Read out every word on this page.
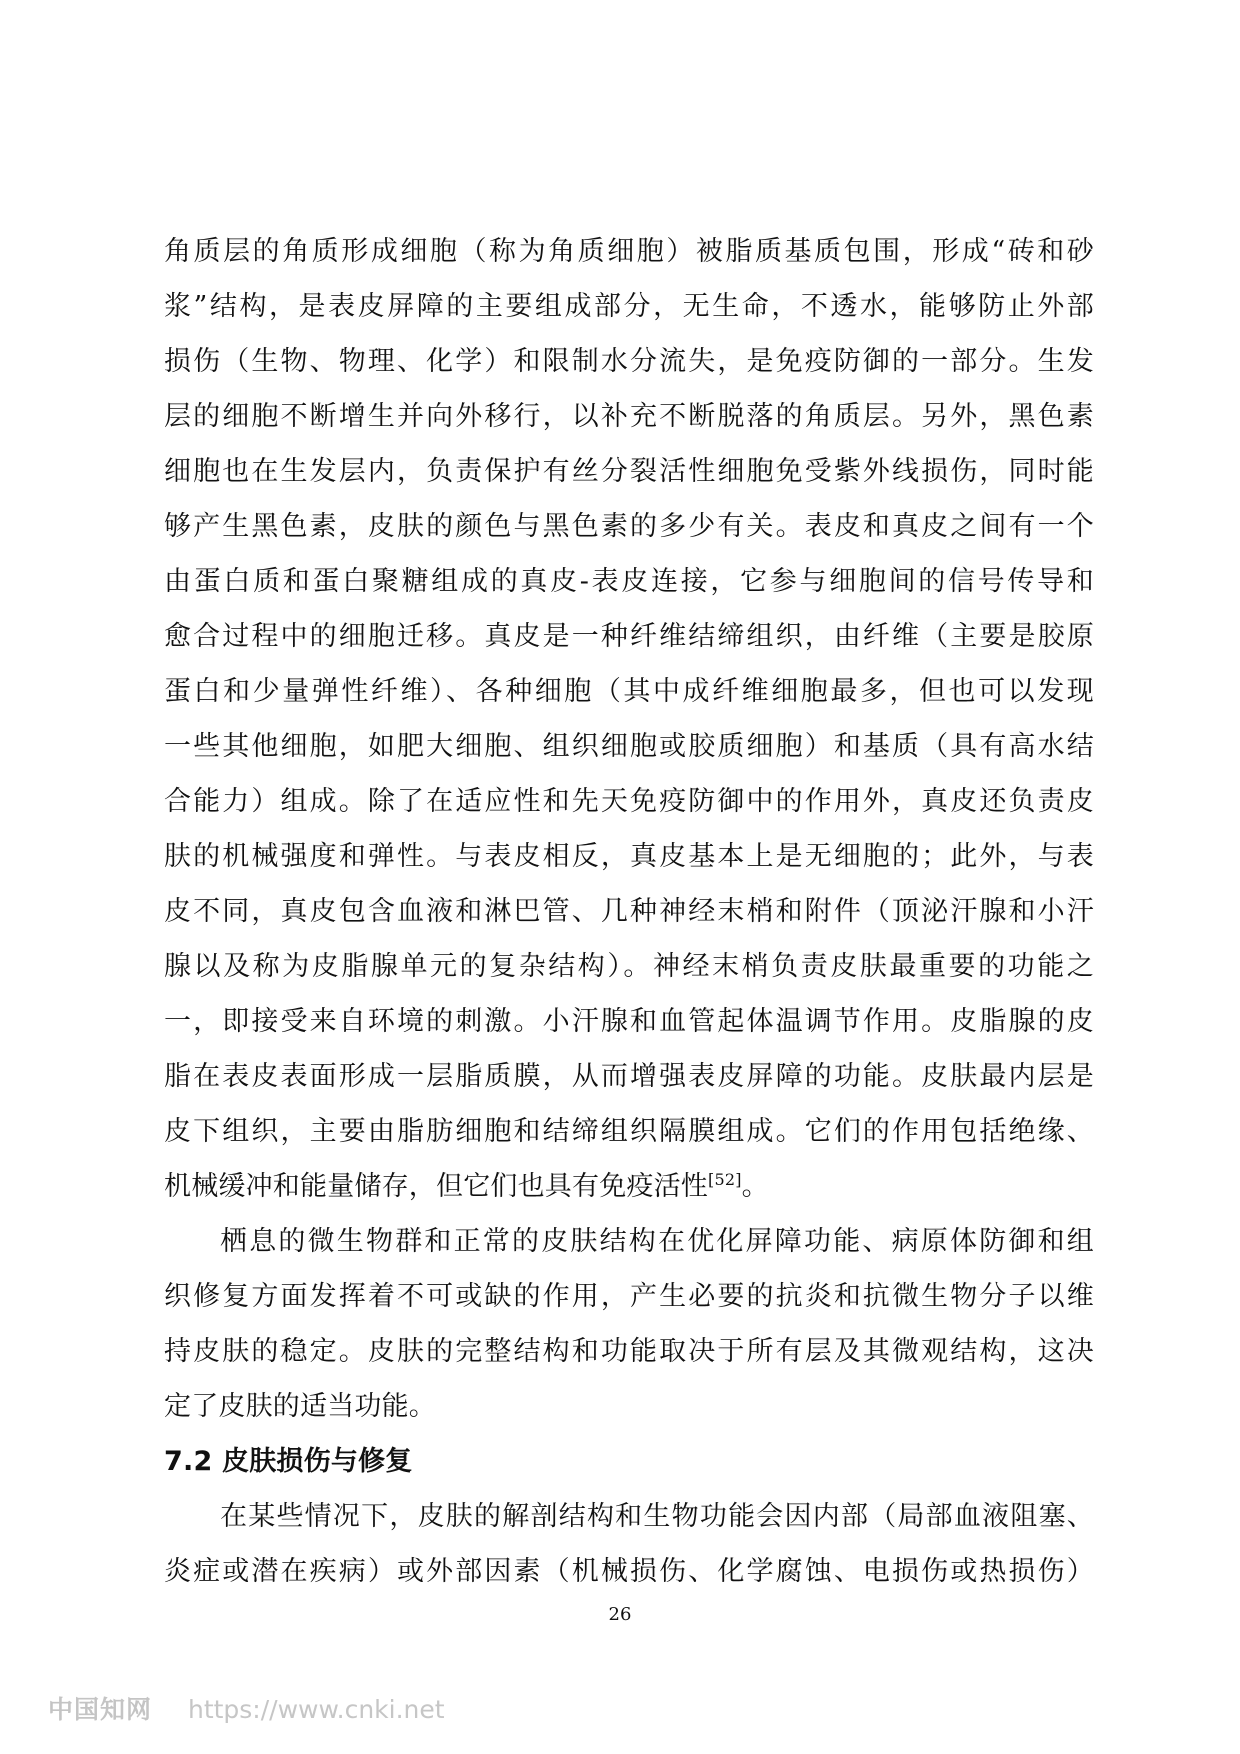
角质层的角质形成细胞（称为角质细胞）被脂质基质包围，形成“砖和砂
浆”结构，是表皮屏障的主要组成部分，无生命，不透水，能够防止外部
损伤（生物、物理、化学）和限制水分流失，是免疫防御的一部分。生发
层的细胞不断增生并向外移行，以补充不断脱落的角质层。另外，黑色素
细胞也在生发层内，负责保护有丝分裂活性细胞免受紫外线损伤，同时能
够产生黑色素，皮肤的颜色与黑色素的多少有关。表皮和真皮之间有一个
由蛋白质和蛋白聚糖组成的真皮-表皮连接，它参与细胞间的信号传导和
愈合过程中的细胞迁移。真皮是一种纤维结缔组织，由纤维（主要是胶原
蛋白和少量弹性纤维）、各种细胞（其中成纤维细胞最多，但也可以发现
一些其他细胞，如肥大细胞、组织细胞或胶质细胞）和基质（具有高水结
合能力）组成。除了在适应性和先天免疫防御中的作用外，真皮还负责皮
肤的机械强度和弹性。与表皮相反，真皮基本上是无细胞的；此外，与表
皮不同，真皮包含血液和淋巴管、几种神经末梢和附件（顶泌汗腺和小汗
腺以及称为皮脂腺单元的复杂结构）。神经末梢负责皮肤最重要的功能之
一，即接受来自环境的刺激。小汗腺和血管起体温调节作用。皮脂腺的皮
脂在表皮表面形成一层脂质膜，从而增强表皮屏障的功能。皮肤最内层是
皮下组织，主要由脂肪细胞和结缔组织隔膜组成。它们的作用包括绝缘、
机械缓冲和能量储存，但它们也具有免疫活性[52]。

栖息的微生物群和正常的皮肤结构在优化屏障功能、病原体防御和组
织修复方面发挥着不可或缺的作用，产生必要的抗炎和抗微生物分子以维
持皮肤的稳定。皮肤的完整结构和功能取决于所有层及其微观结构，这决
定了皮肤的适当功能。

7.2 皮肤损伤与修复

在某些情况下，皮肤的解剖结构和生物功能会因内部（局部血液阻塞、
炎症或潜在疾病）或外部因素（机械损伤、化学腐蚀、电损伤或热损伤）

26
中国知网 https://www.cnki.net
